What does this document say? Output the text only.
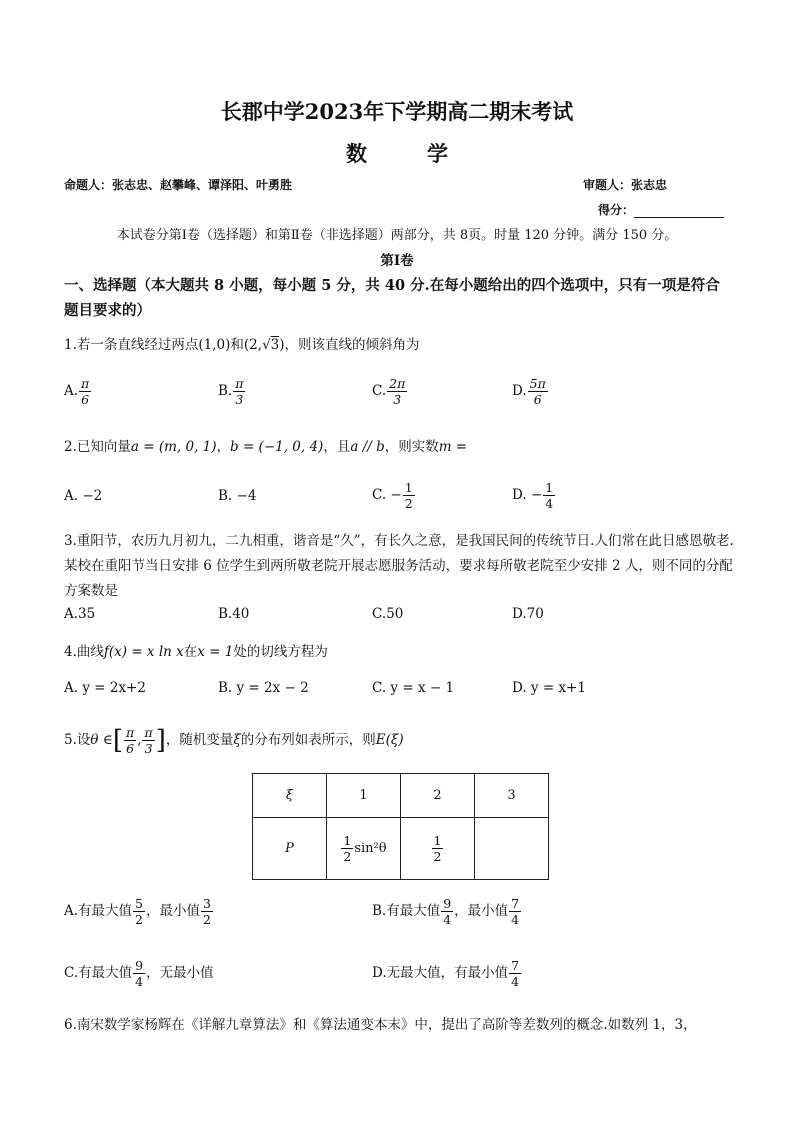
长郡中学2023年下学期高二期末考试
数学
命题人：张志忠、赵攀峰、谭泽阳、叶勇胜	审题人：张志忠
得分：
本试卷分第Ⅰ卷（选择题）和第Ⅱ卷（非选择题）两部分，共 8页。时量 120 分钟。满分 150 分。
第Ⅰ卷
一、选择题（本大题共 8 小题，每小题 5 分，共 40 分.在每小题给出的四个选项中，只有一项是符合题目要求的）
1.若一条直线经过两点(1,0)和(2,√3)，则该直线的倾斜角为
A. $\frac{\pi}{6}$	B. $\frac{\pi}{3}$	C. $\frac{2\pi}{3}$	D. $\frac{5\pi}{6}$
2.已知向量a = (m, 0, 1)，b = (−1, 0, 4)，且a // b，则实数m =
A. −2	B. −4	C. − $\frac{1}{2}$	D. − $\frac{1}{4}$
3.重阳节，农历九月初九，二九相重，谐音是“久”，有长久之意，是我国民间的传统节日.人们常在此日感恩敬老.某校在重阳节当日安排 6 位学生到两所敬老院开展志愿服务活动，要求每所敬老院至少安排 2 人，则不同的分配方案数是
A.35	B.40	C.50	D.70
4.曲线f(x) = x ln x在x = 1处的切线方程为
A. y = 2x+2	B. y = 2x − 2	C. y = x − 1	D. y = x+1
5.设θ ∈[ $\frac{\pi}{6}$ , $\frac{\pi}{3}$ ]，随机变量ξ的分布列如表所示，则E(ξ)
ξ	1	2	3
P	$\frac{1}{2} \sin^2\theta$	$\frac{1}{2}$

A.有最大值 $\frac{5}{2}$ ，最小值 $\frac{3}{2}$	B.有最大值 $\frac{9}{4}$ ，最小值 $\frac{7}{4}$
C.有最大值 $\frac{9}{4}$ ，无最小值	D.无最大值，有最小值 $\frac{7}{4}$
6.南宋数学家杨辉在《详解九章算法》和《算法通变本末》中，提出了高阶等差数列的概念.如数列 1，3，
